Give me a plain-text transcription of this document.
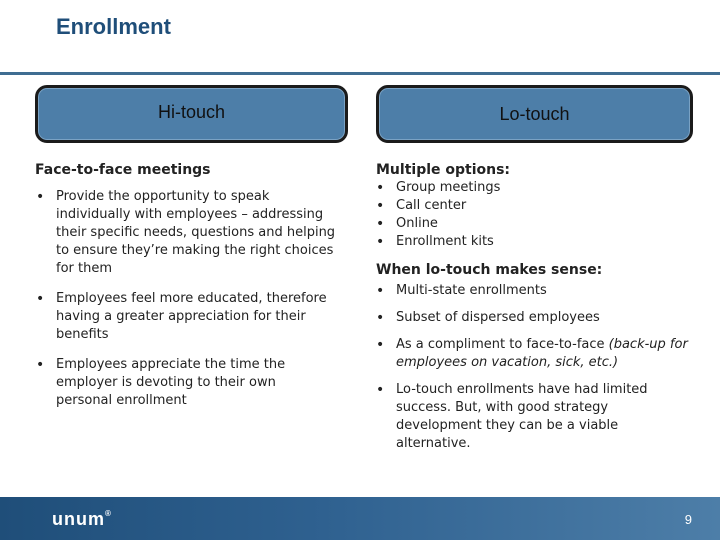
Enrollment
Hi-touch	Lo-touch
Face-to-face meetings
• Provide the opportunity to speak individually with employees – addressing their specific needs, questions and helping to ensure they’re making the right choices for them
• Employees feel more educated, therefore having a greater appreciation for their benefits
• Employees appreciate the time the employer is devoting to their own personal enrollment
Multiple options:
• Group meetings
• Call center
• Online
• Enrollment kits
When lo-touch makes sense:
• Multi-state enrollments
• Subset of dispersed employees
• As a compliment to face-to-face (back-up for employees on vacation, sick, etc.)
• Lo-touch enrollments have had limited success. But, with good strategy development they can be a viable alternative.
unum®	9
